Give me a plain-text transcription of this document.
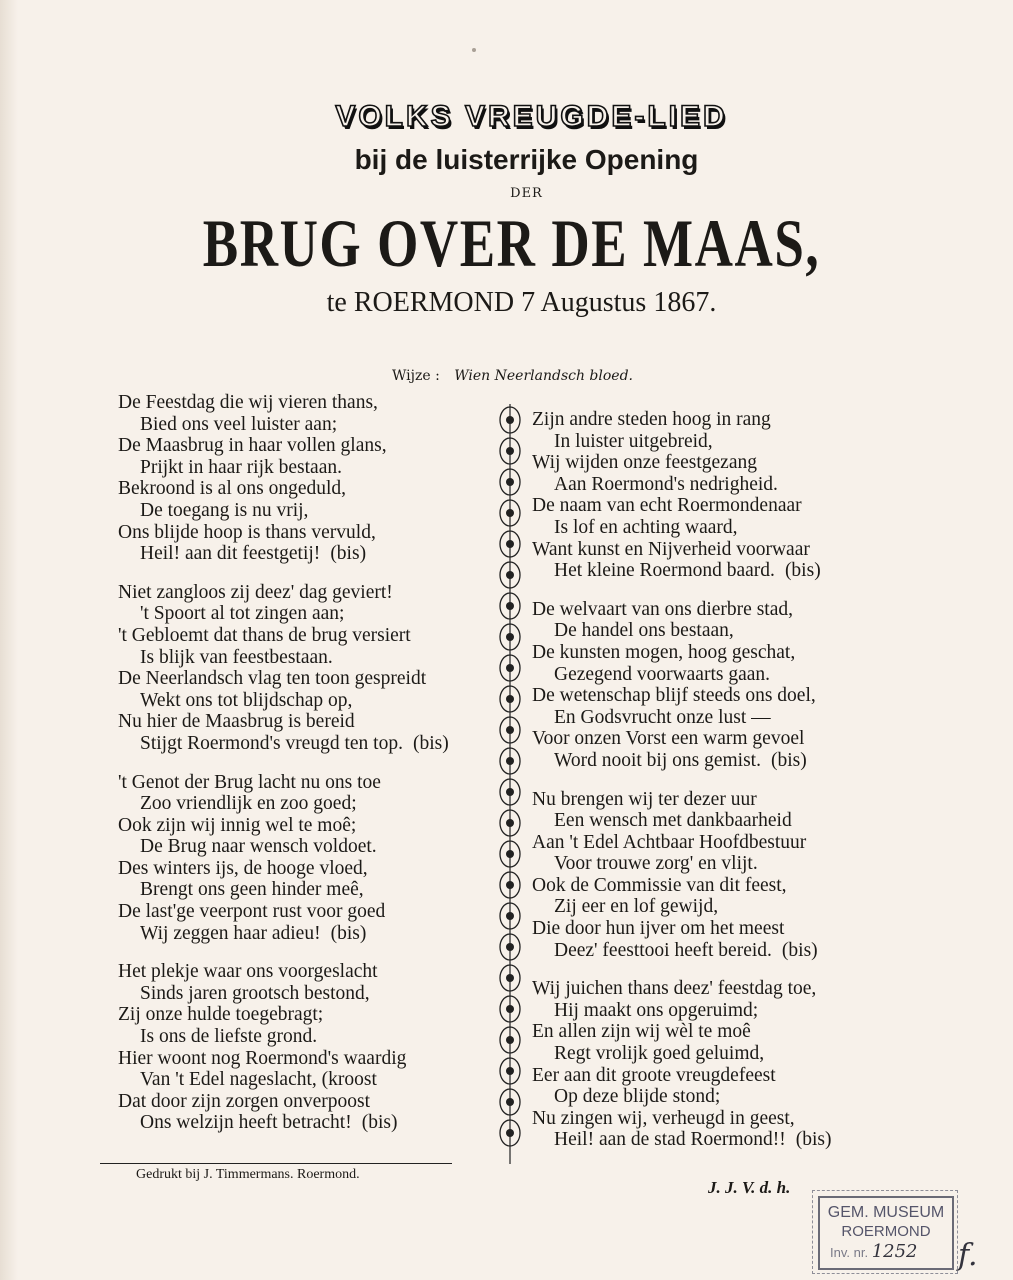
VOLKS VREUGDE-LIED
bij de luisterrijke Opening
DER
BRUG OVER DE MAAS,
te ROERMOND 7 Augustus 1867.
Wijze : Wien Neerlandsch bloed.
De Feestdag die wij vieren thans,
Bied ons veel luister aan;
De Maasbrug in haar vollen glans,
Prijkt in haar rijk bestaan.
Bekroond is al ons ongeduld,
De toegang is nu vrij,
Ons blijde hoop is thans vervuld,
Heil! aan dit feestgetij! (bis)
Niet zangloos zij deez' dag geviert!
't Spoort al tot zingen aan;
't Gebloemt dat thans de brug versiert
Is blijk van feestbestaan.
De Neerlandsch vlag ten toon gespreidt
Wekt ons tot blijdschap op,
Nu hier de Maasbrug is bereid
Stijgt Roermond's vreugd ten top. (bis)
't Genot der Brug lacht nu ons toe
Zoo vriendlijk en zoo goed;
Ook zijn wij innig wel te moê;
De Brug naar wensch voldoet.
Des winters ijs, de hooge vloed,
Brengt ons geen hinder meê,
De last'ge veerpont rust voor goed
Wij zeggen haar adieu! (bis)
Het plekje waar ons voorgeslacht
Sinds jaren grootsch bestond,
Zij onze hulde toegebragt;
Is ons de liefste grond.
Hier woont nog Roermond's waardig
Van 't Edel nageslacht, (kroost
Dat door zijn zorgen onverpoost
Ons welzijn heeft betracht! (bis)
Zijn andre steden hoog in rang
In luister uitgebreid,
Wij wijden onze feestgezang
Aan Roermond's nedrigheid.
De naam van echt Roermondenaar
Is lof en achting waard,
Want kunst en Nijverheid voorwaar
Het kleine Roermond baard. (bis)
De welvaart van ons dierbre stad,
De handel ons bestaan,
De kunsten mogen, hoog geschat,
Gezegend voorwaarts gaan.
De wetenschap blijf steeds ons doel,
En Godsvrucht onze lust —
Voor onzen Vorst een warm gevoel
Word nooit bij ons gemist. (bis)
Nu brengen wij ter dezer uur
Een wensch met dankbaarheid
Aan 't Edel Achtbaar Hoofdbestuur
Voor trouwe zorg' en vlijt.
Ook de Commissie van dit feest,
Zij eer en lof gewijd,
Die door hun ijver om het meest
Deez' feesttooi heeft bereid. (bis)
Wij juichen thans deez' feestdag toe,
Hij maakt ons opgeruimd;
En allen zijn wij wèl te moê
Regt vrolijk goed geluimd,
Eer aan dit groote vreugdefeest
Op deze blijde stond;
Nu zingen wij, verheugd in geest,
Heil! aan de stad Roermond!! (bis)
Gedrukt bij J. Timmermans. Roermond.
J. J. V. d. h.
GEM. MUSEUM
ROERMOND
Inv. nr. 1252	f.
